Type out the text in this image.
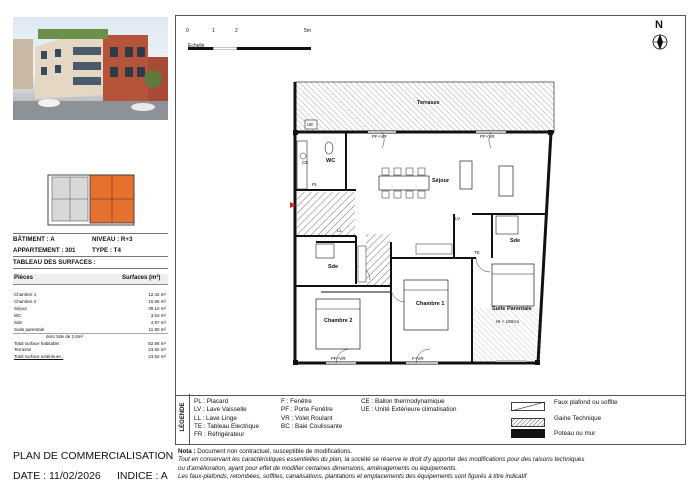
BÂTIMENT : A	NIVEAU : R+3
APPARTEMENT : 301	TYPE : T4
TABLEAU DES SURFACES :
Pièces	Surfaces (m²)
Chambre 1	12.42 m²
Chambre 2	10.86 m²
Séjour	39.10 m²
WC	3.63 m²
Sde	4.97 m²
Suite parentale	11.90 m²
dont Sde de 2.6m²
Total surface habitable :	82.88 m²
Terrasse	23.92 m²
Total surface extérieure :	23.92 m²
PLAN DE COMMERCIALISATION
DATE : 11/02/2026 INDICE : A
0	1	2	5m
Echelle
N
Terrasse
Séjour
WC
Sde
Sde
Chambre 1
Chambre 2
Suite Parentale
Ht < 180cm
UE
PF+VR	PF+VR
PF+VR	F+VR
CE
PL
LL
LV
TE
LÉGENDE
PL : Placard
LV : Lave Vaisselle
LL : Lave Linge
TE : Tableau Electrique
FR : Réfrigérateur
F : Fenêtre
PF : Porte Fenêtre
VR : Volet Roulant
BC : Baie Coulissante
CE : Ballon thermodynamique
UE : Unité Extérieure climatisation
Faux plafond ou soffite
Gaine Technique
Poteau ou mur
Nota : Document non contractuel, susceptible de modifications.
Tout en conservant les caractéristiques essentielles du plan, la société se réserve le droit d'y apporter des modifications pour des raisons techniques
ou d'amélioration, ayant pour effet de modifier certaines dimensions, aménagements ou équipements.
Les faux-plafonds, retombées, soffites, canalisations, plantations et emplacements des équipements sont figurés à titre indicatif
